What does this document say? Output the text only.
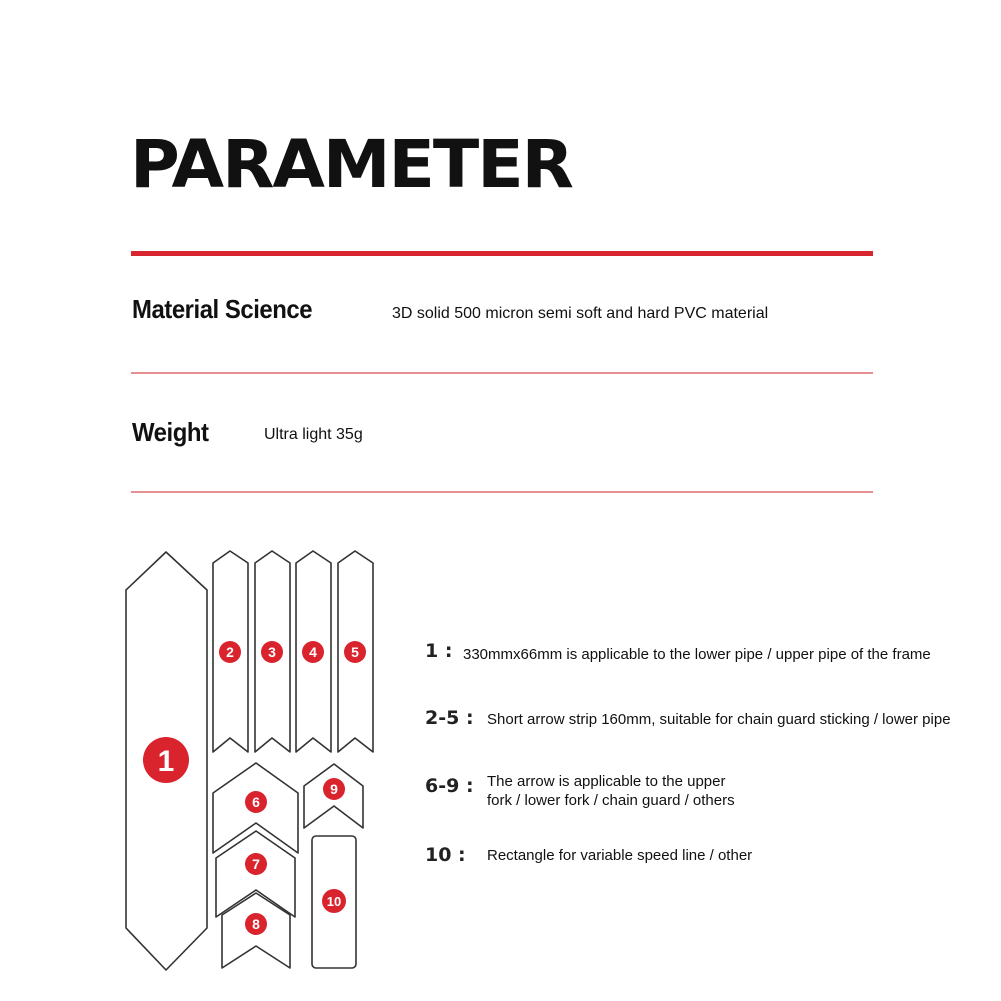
PARAMETER
Material Science	3D solid 500 micron semi soft and hard PVC material
Weight	Ultra light 35g
1
2 3 4 5
6
7
8
9
10
1 : 330mmx66mm is applicable to the lower pipe / upper pipe of the frame
2-5 : Short arrow strip 160mm, suitable for chain guard sticking / lower pipe
6-9 : The arrow is applicable to the upper
fork / lower fork / chain guard / others
10 : Rectangle for variable speed line / other
